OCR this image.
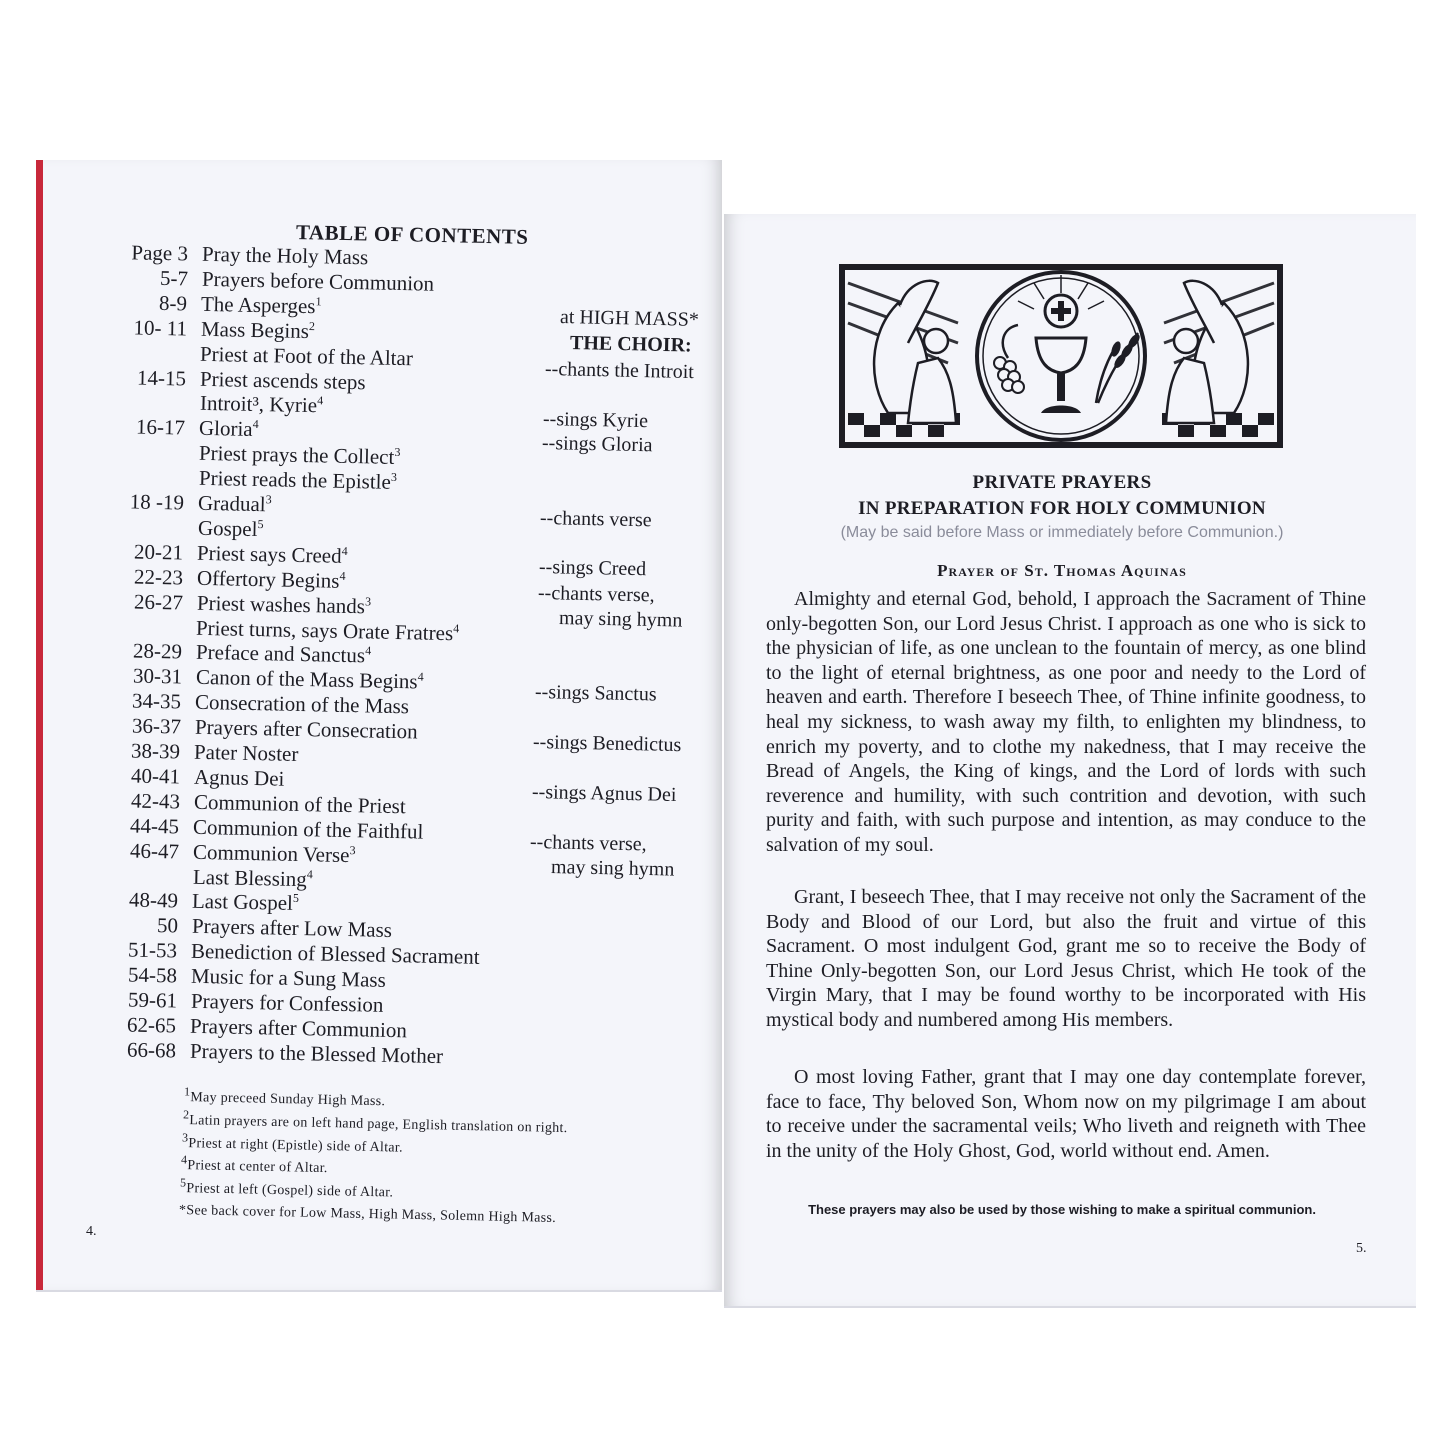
TABLE OF CONTENTS
Page 3 Pray the Holy Mass
5-7 Prayers before Communion
8-9 The Asperges$^1$
10- 11 Mass Begins$^2$
Priest at Foot of the Altar
14-15 Priest ascends steps
Introit³, Kyrie$^4$
16-17 Gloria$^4$
Priest prays the Collect$^3$
Priest reads the Epistle$^3$
18 -19 Gradual$^3$
Gospel$^5$
20-21 Priest says Creed$^4$
22-23 Offertory Begins$^4$
26-27 Priest washes hands$^3$
Priest turns, says Orate Fratres$^4$
28-29 Preface and Sanctus$^4$
30-31 Canon of the Mass Begins$^4$
34-35 Consecration of the Mass
36-37 Prayers after Consecration
38-39 Pater Noster
40-41 Agnus Dei
42-43 Communion of the Priest
44-45 Communion of the Faithful
46-47 Communion Verse$^3$
Last Blessing$^4$
48-49 Last Gospel$^5$
50 Prayers after Low Mass
51-53 Benediction of Blessed Sacrament
54-58 Music for a Sung Mass
59-61 Prayers for Confession
62-65 Prayers after Communion
66-68 Prayers to the Blessed Mother
at HIGH MASS*
THE CHOIR:
--chants the Introit
--sings Kyrie
--sings Gloria
--chants verse
--sings Creed
--chants verse,
may sing hymn
--sings Sanctus
--sings Benedictus
--sings Agnus Dei
--chants verse,
may sing hymn
$^1$May preceed Sunday High Mass.
$^2$Latin prayers are on left hand page, English translation on right.
$^3$Priest at right (Epistle) side of Altar.
$^4$Priest at center of Altar.
$^5$Priest at left (Gospel) side of Altar.
*See back cover for Low Mass, High Mass, Solemn High Mass.
4.
PRIVATE PRAYERS
IN PREPARATION FOR HOLY COMMUNION
(May be said before Mass or immediately before Communion.)
Prayer of St. Thomas Aquinas

Almighty and eternal God, behold, I approach the Sacrament of Thine only-begotten Son, our Lord Jesus Christ. I approach as one who is sick to the physician of life, as one unclean to the fountain of mercy, as one blind to the light of eternal brightness, as one poor and needy to the Lord of heaven and earth. Therefore I beseech Thee, of Thine infinite goodness, to heal my sickness, to wash away my filth, to enlighten my blindness, to enrich my poverty, and to clothe my nakedness, that I may receive the Bread of Angels, the King of kings, and the Lord of lords with such reverence and humility, with such contrition and devotion, with such purity and faith, with such purpose and intention, as may conduce to the salvation of my soul.

Grant, I beseech Thee, that I may receive not only the Sacrament of the Body and Blood of our Lord, but also the fruit and virtue of this Sacrament. O most indulgent God, grant me so to receive the Body of Thine Only-begotten Son, our Lord Jesus Christ, which He took of the Virgin Mary, that I may be found worthy to be incorporated with His mystical body and numbered among His members.

O most loving Father, grant that I may one day contemplate forever, face to face, Thy beloved Son, Whom now on my pilgrimage I am about to receive under the sacramental veils; Who liveth and reigneth with Thee in the unity of the Holy Ghost, God, world without end. Amen.

These prayers may also be used by those wishing to make a spiritual communion.
5.
